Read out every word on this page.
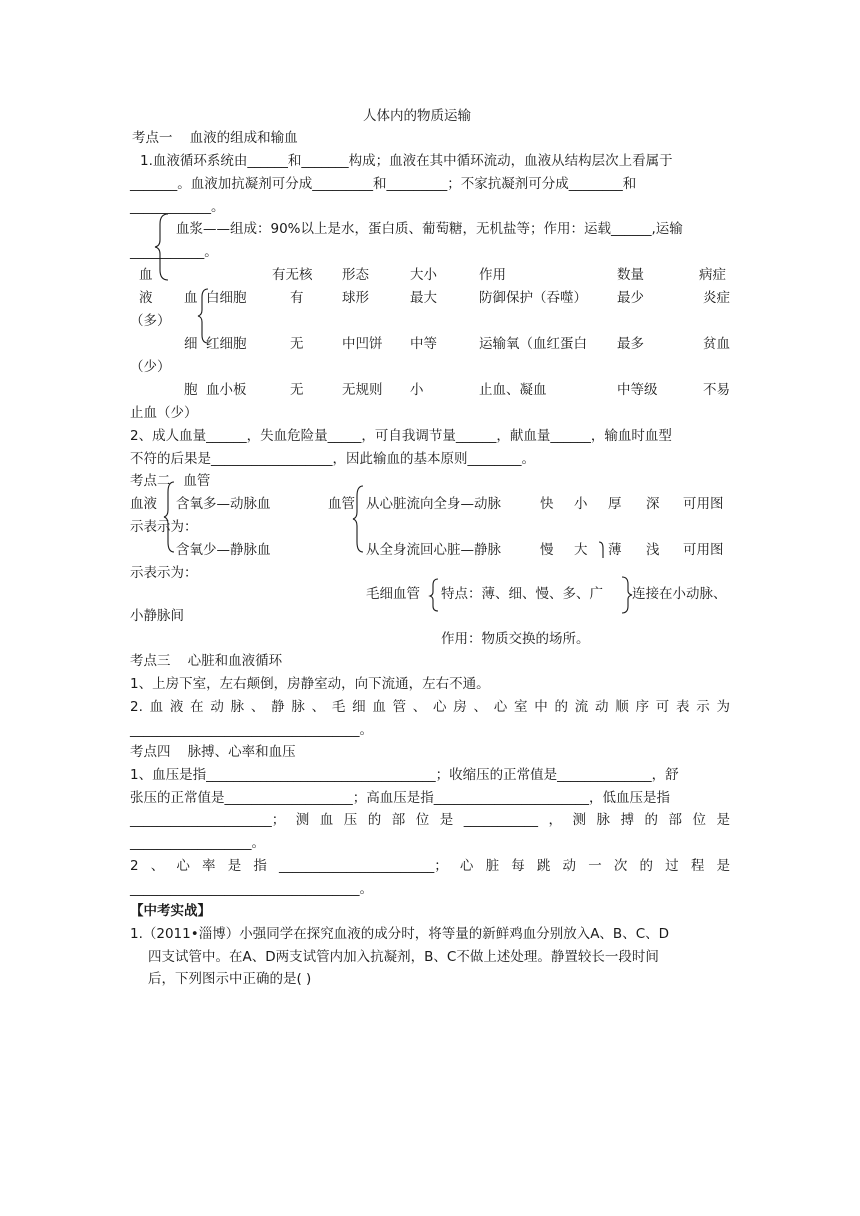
人体内的物质运输
考点一    血液的组成和输血
1.血液循环系统由______和_______构成；血液在其中循环流动，血液从结构层次上看属于
_______。血液加抗凝剂可分成_________和_________；不家抗凝剂可分成________和
____________。
血浆——组成：90%以上是水，蛋白质、葡萄糖，无机盐等；作用：运载______,运输
___________。
血	有无核 形态	大小	作用	数量	病症
液 血 白细胞	有	球形	最大	防御保护（吞噬） 最少	炎症
（多）
细 红细胞	无	中凹饼 中等	运输氧（血红蛋白 最多	贫血
（少）
胞 血小板	无	无规则 小	止血、凝血	中等级	不易
止血（少）
2、成人血量______，失血危险量_____，可自我调节量______，献血量______，输血时血型
不符的后果是__________________，因此输血的基本原则________。
考点二   血管
血液 含氧多—动脉血	血管 从心脏流向全身—动脉	快 小 厚 深 可用图
示表示为：
含氧少—静脉血	从全身流回心脏—静脉	慢 大 薄 浅 可用图
示表示为：
毛细血管 特点：薄、细、慢、多、广 连接在小动脉、
小静脉间
作用：物质交换的场所。
考点三    心脏和血液循环
1、上房下室，左右颠倒，房静室动，向下流通，左右不通。
2.血液在动脉、静脉、毛细血管、心房、心室中的流动顺序可表示为
__________________________________。
考点四    脉搏、心率和血压
1、血压是指__________________________________；收缩压的正常值是______________，舒
张压的正常值是___________________；高血压是指_______________________，低血压是指
_____________________；测血压的部位是___________，测脉搏的部位是
__________________。
2、心率是指_______________________；心脏每跳动一次的过程是
__________________________________。
【中考实战】
1.（2011•淄博）小强同学在探究血液的成分时，将等量的新鲜鸡血分别放入A、B、C、D
四支试管中。在A、D两支试管内加入抗凝剂，B、C不做上述处理。静置较长一段时间
后，下列图示中正确的是( )
